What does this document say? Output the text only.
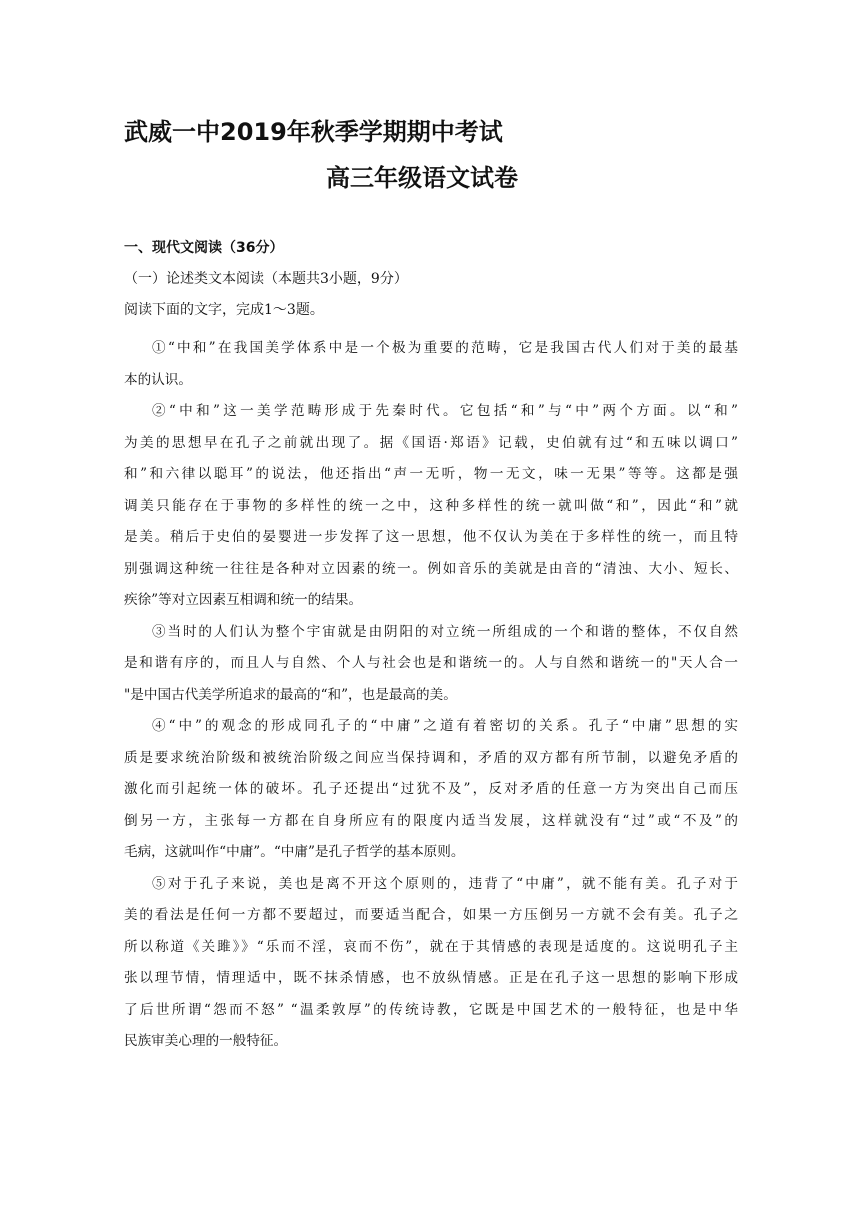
武威一中2019年秋季学期期中考试
高三年级语文试卷
一、现代文阅读（36分）
（一）论述类文本阅读（本题共3小题，9分）
阅读下面的文字，完成1～3题。

①“中和”在我国美学体系中是一个极为重要的范畴，它是我国古代人们对于美的最基
本的认识。

②“中和”这一美学范畴形成于先秦时代。它包括“和”与“中”两个方面。以“和”
为美的思想早在孔子之前就出现了。据《国语·郑语》记载，史伯就有过“和五味以调口”
和”和六律以聪耳”的说法，他还指出“声一无听，物一无文，味一无果”等等。这都是强
调美只能存在于事物的多样性的统一之中，这种多样性的统一就叫做“和”，因此“和”就
是美。稍后于史伯的晏婴进一步发挥了这一思想，他不仅认为美在于多样性的统一，而且特
别强调这种统一往往是各种对立因素的统一。例如音乐的美就是由音的“清浊、大小、短长、
疾徐”等对立因素互相调和统一的结果。

③当时的人们认为整个宇宙就是由阴阳的对立统一所组成的一个和谐的整体，不仅自然
是和谐有序的，而且人与自然、个人与社会也是和谐统一的。人与自然和谐统一的"天人合一
"是中国古代美学所追求的最高的“和”，也是最高的美。

④“中”的观念的形成同孔子的“中庸”之道有着密切的关系。孔子“中庸”思想的实
质是要求统治阶级和被统治阶级之间应当保持调和，矛盾的双方都有所节制，以避免矛盾的
激化而引起统一体的破坏。孔子还提出“过犹不及”，反对矛盾的任意一方为突出自己而压
倒另一方，主张每一方都在自身所应有的限度内适当发展，这样就没有“过”或“不及”的
毛病，这就叫作“中庸”。“中庸”是孔子哲学的基本原则。

⑤对于孔子来说，美也是离不开这个原则的，违背了“中庸”，就不能有美。孔子对于
美的看法是任何一方都不要超过，而要适当配合，如果一方压倒另一方就不会有美。孔子之
所以称道《关雎》》“乐而不淫，哀而不伤”，就在于其情感的表现是适度的。这说明孔子主
张以理节情，情理适中，既不抹杀情感，也不放纵情感。正是在孔子这一思想的影响下形成
了后世所谓“怨而不怒” “温柔敦厚”的传统诗教，它既是中国艺术的一般特征，也是中华
民族审美心理的一般特征。
